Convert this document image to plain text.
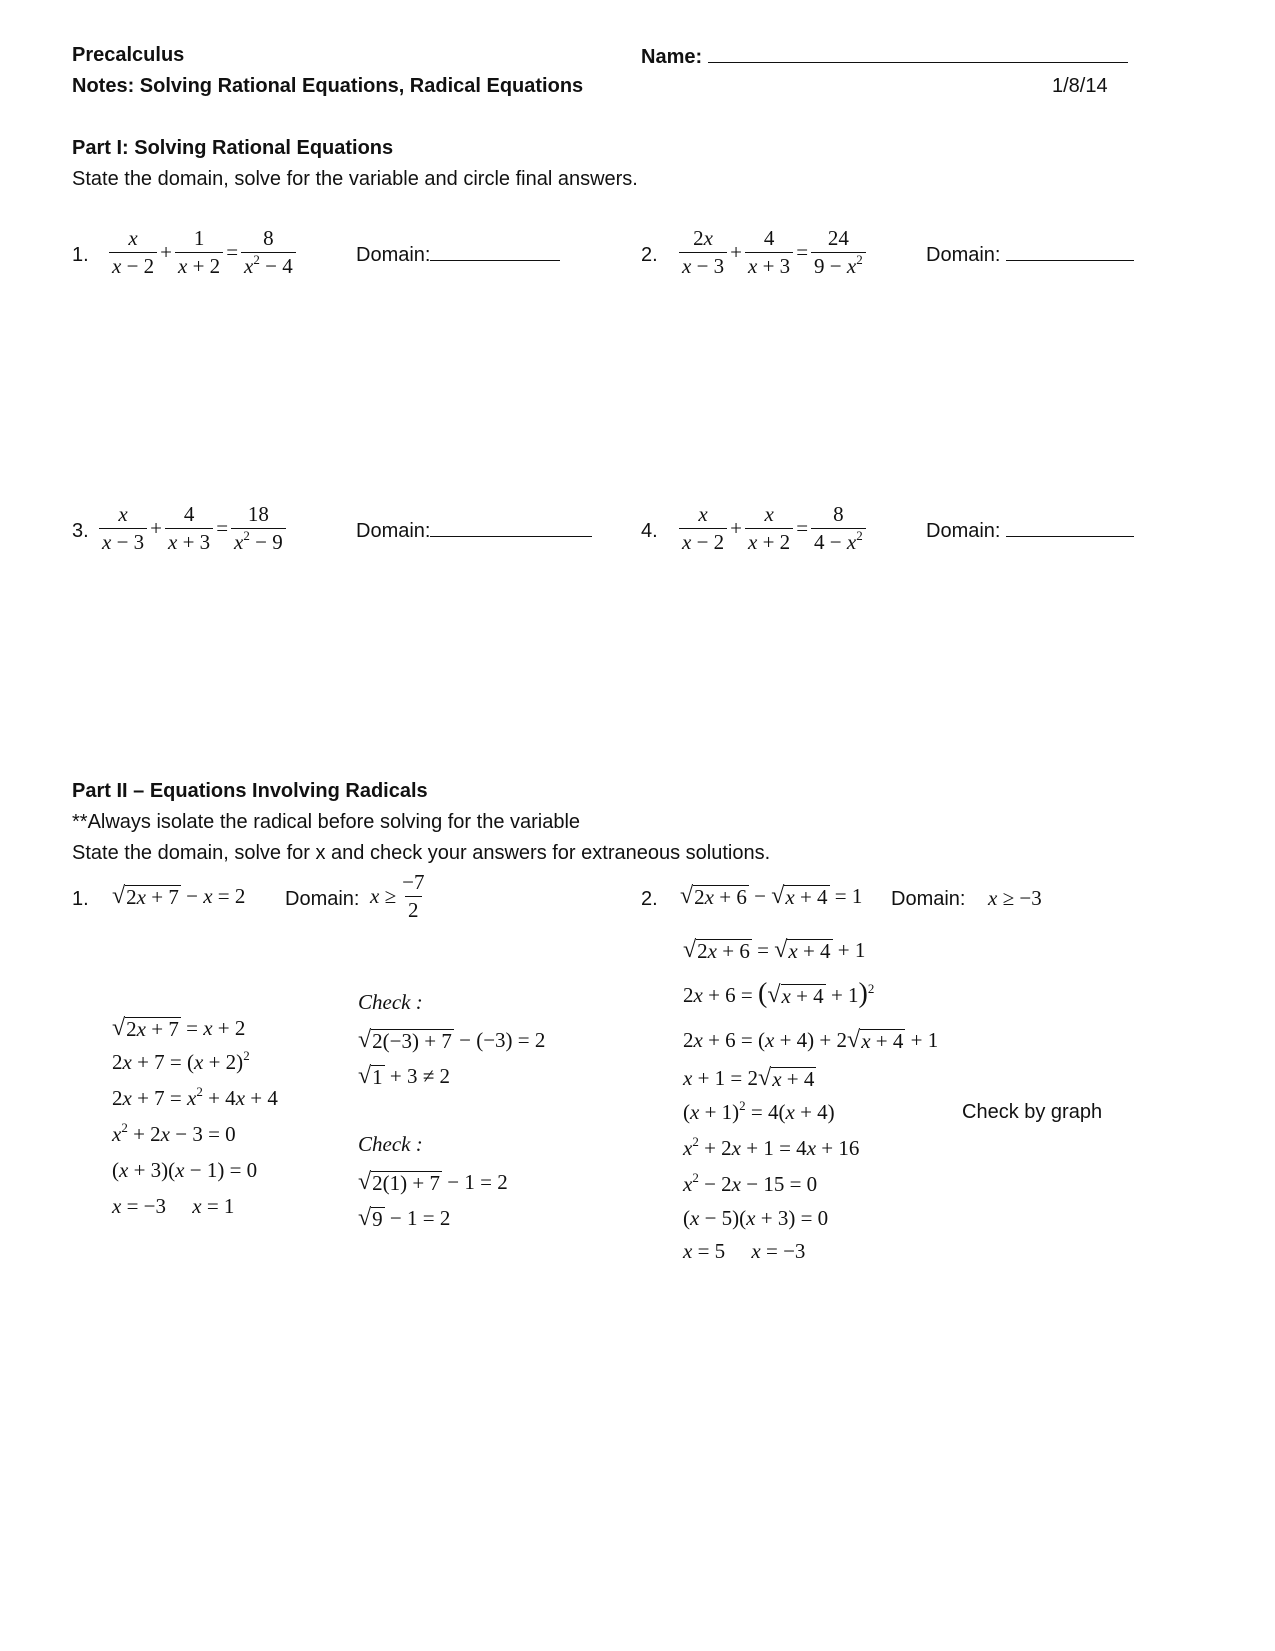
Precalculus	Name:
Notes: Solving Rational Equations, Radical Equations	1/8/14
Part I: Solving Rational Equations
State the domain, solve for the variable and circle final answers.
1. $\frac{x}{x - 2} + \frac{1}{x + 2} = \frac{8}{x^2 - 4}$	Domain:	2. $\frac{2x}{x - 3} + \frac{4}{x + 3} = \frac{24}{9 - x^2}$	Domain:
3. $\frac{x}{x - 3} + \frac{4}{x + 3} = \frac{18}{x^2 - 9}$	Domain:	4. $\frac{x}{x - 2} + \frac{x}{x + 2} = \frac{8}{4 - x^2}$	Domain:
Part II – Equations Involving Radicals
**Always isolate the radical before solving for the variable
State the domain, solve for x and check your answers for extraneous solutions.
1. √ 2x + 7 − x = 2 Domain: $x \ge \frac{-7}{2}$
√ 2x + 7 = x + 2
$2x + 7 = (x + 2)^2$
$2x + 7 = x^2 + 4x + 4$
$x^2 + 2x - 3 = 0$
(x + 3)(x − 1) = 0
x = −3     x = 1
Check :
√ 2(−3) + 7 − (−3) = 2
√ 1 + 3 ≠ 2
Check :
√ 2(1) + 7 − 1 = 2
√ 9 − 1 = 2
2. √ 2x + 6 − √ x + 4 = 1 Domain: x ≥ −3
√ 2x + 6 = √ x + 4 + 1
2x + 6 = ( √ x + 4 + 1)$^2$
2x + 6 = (x + 4) + 2 √ x + 4 + 1
x + 1 = 2 √ x + 4
$(x + 1)^2 = 4(x + 4)$
$x^2 + 2x + 1 = 4x + 16$
$x^2 - 2x - 15 = 0$
(x − 5)(x + 3) = 0
x = 5     x = −3
Check by graph
